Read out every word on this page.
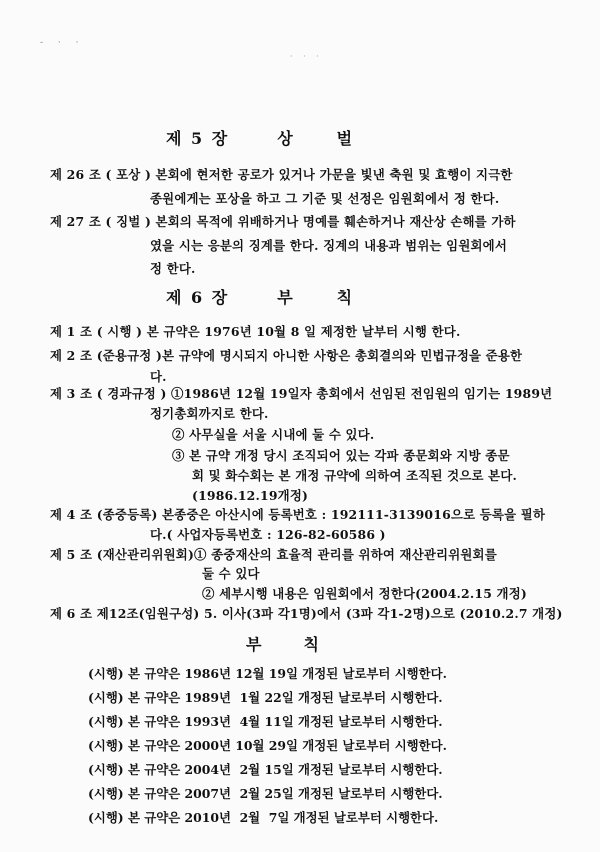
- · ·
· · ·
제 5 장	상	벌
제 26 조 ( 포상 ) 본회에 현저한 공로가 있거나 가문을 빛낸 축원 및 효행이 지극한
종원에게는 포상을 하고 그 기준 및 선정은 임원회에서 정 한다.
제 27 조 ( 징벌 ) 본회의 목적에 위배하거나 명예를 훼손하거나 재산상 손해를 가하
였을 시는 응분의 징계를 한다. 징계의 내용과 범위는 임원회에서
정 한다.
제 6 장	부	칙
제 1 조 ( 시행 ) 본 규약은 1976년 10월 8 일 제정한 날부터 시행 한다.
제 2 조 (준용규정 )본 규약에 명시되지 아니한 사항은 총회결의와 민법규정을 준용한
다.
제 3 조 ( 경과규정 ) ①1986년 12월 19일자 총회에서 선임된 전임원의 임기는 1989년
정기총회까지로 한다.
② 사무실을 서울 시내에 둘 수 있다.
③ 본 규약 개정 당시 조직되어 있는 각파 종문회와 지방 종문
회 및 화수회는 본 개정 규약에 의하여 조직된 것으로 본다.
(1986.12.19개정)
제 4 조 (종중등록) 본종중은 아산시에 등록번호 : 192111-3139016으로 등록을 필하
다.( 사업자등록번호 : 126-82-60586 )
제 5 조 (재산관리위원회)① 종중재산의 효율적 관리를 위하여 재산관리위원회를
둘 수 있다
② 세부시행 내용은 임원회에서 정한다(2004.2.15 개정)
제 6 조 제12조(임원구성) 5. 이사(3파 각1명)에서 (3파 각1-2명)으로 (2010.2.7 개정)
부	칙
(시행) 본 규약은 1986년 12월 19일 개정된 날로부터 시행한다.
(시행) 본 규약은 1989년  1월 22일 개정된 날로부터 시행한다.
(시행) 본 규약은 1993년  4월 11일 개정된 날로부터 시행한다.
(시행) 본 규약은 2000년 10월 29일 개정된 날로부터 시행한다.
(시행) 본 규약은 2004년  2월 15일 개정된 날로부터 시행한다.
(시행) 본 규약은 2007년  2월 25일 개정된 날로부터 시행한다.
(시행) 본 규약은 2010년  2월  7일 개정된 날로부터 시행한다.
